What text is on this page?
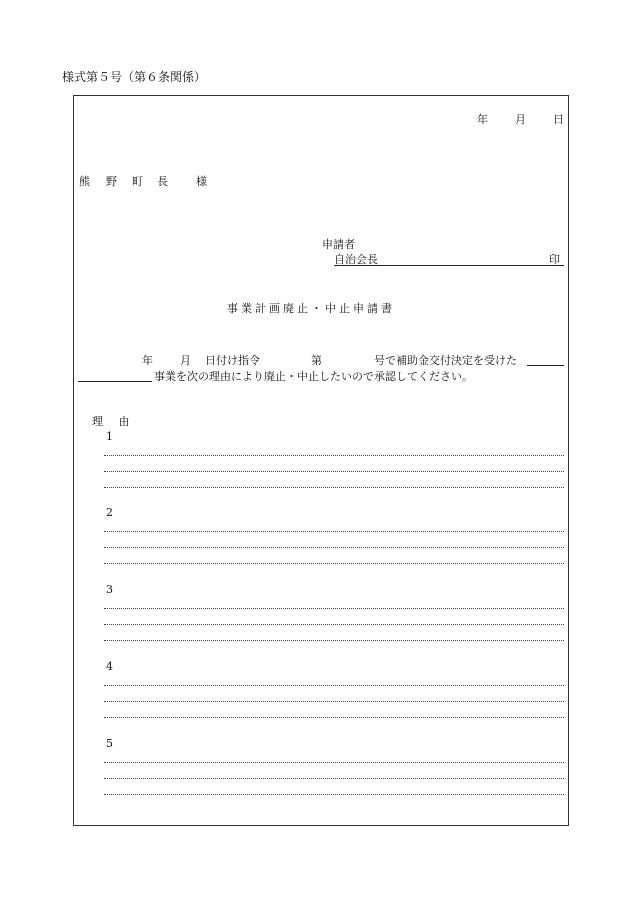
様式第５号（第６条関係）
年 月 日
熊 野 町 長	様
申請者
自治会長	印
事業計画廃止・中止申請書
年 月 日付け指令	第	号で補助金交付決定を受けた
事業を次の理由により廃止・中止したいので承認してください。
理 由
1
2
3
4
5
